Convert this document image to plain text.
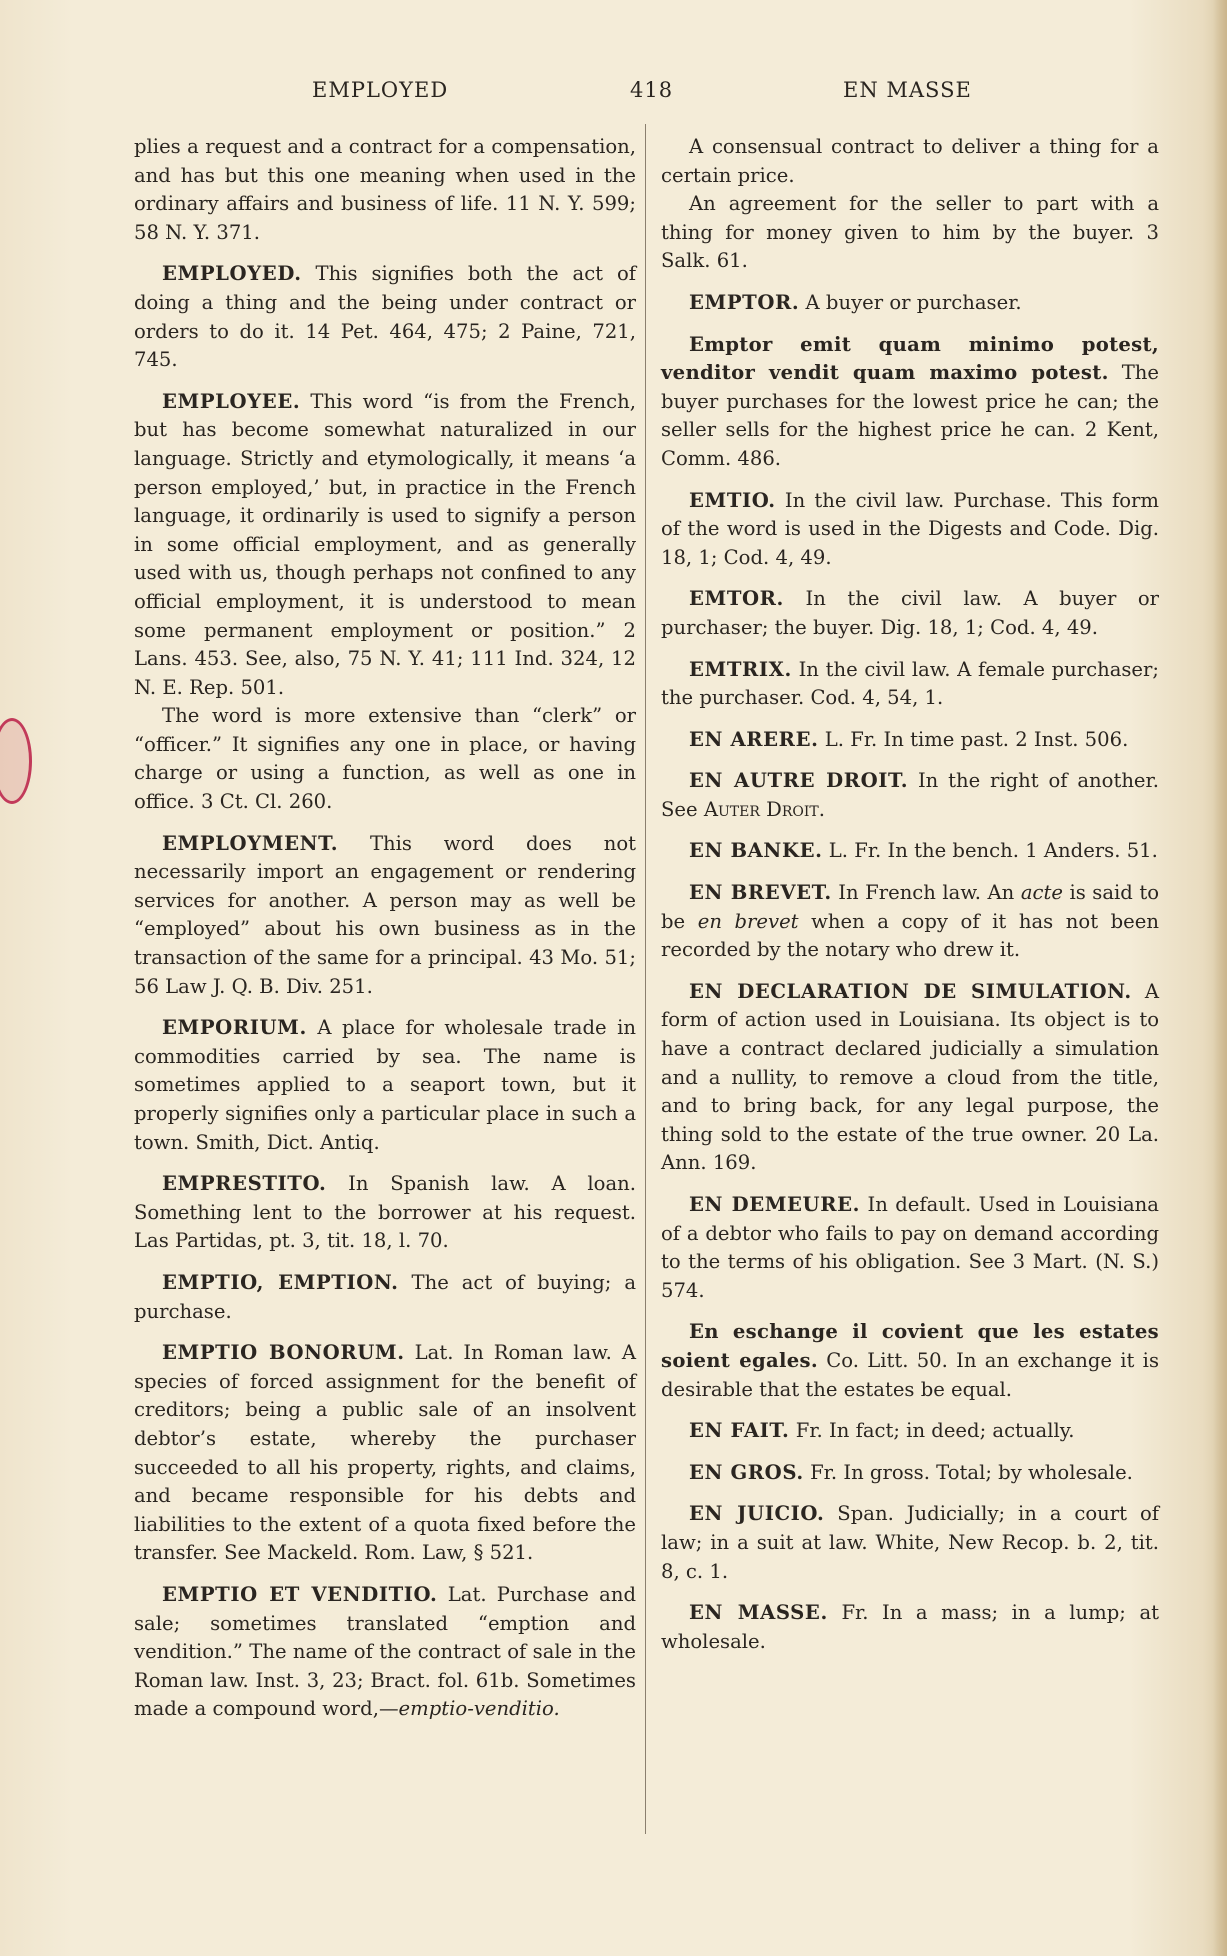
EMPLOYED	418	EN MASSE

plies a request and a contract for a compensation, and has but this one meaning when used in the ordinary affairs and business of life. 11 N. Y. 599; 58 N. Y. 371.

EMPLOYED. This signifies both the act of doing a thing and the being under contract or orders to do it. 14 Pet. 464, 475; 2 Paine, 721, 745.

EMPLOYEE. This word “is from the French, but has become somewhat naturalized in our language. Strictly and etymologically, it means ‘a person employed,’ but, in practice in the French language, it ordinarily is used to signify a person in some official employment, and as generally used with us, though perhaps not confined to any official employment, it is understood to mean some permanent employment or position.” 2 Lans. 453. See, also, 75 N. Y. 41; 111 Ind. 324, 12 N. E. Rep. 501.

The word is more extensive than “clerk” or “officer.” It signifies any one in place, or having charge or using a function, as well as one in office. 3 Ct. Cl. 260.

EMPLOYMENT. This word does not necessarily import an engagement or rendering services for another. A person may as well be “employed” about his own business as in the transaction of the same for a principal. 43 Mo. 51; 56 Law J. Q. B. Div. 251.

EMPORIUM. A place for wholesale trade in commodities carried by sea. The name is sometimes applied to a seaport town, but it properly signifies only a particular place in such a town. Smith, Dict. Antiq.

EMPRESTITO. In Spanish law. A loan. Something lent to the borrower at his request. Las Partidas, pt. 3, tit. 18, l. 70.

EMPTIO, EMPTION. The act of buying; a purchase.

EMPTIO BONORUM. Lat. In Roman law. A species of forced assignment for the benefit of creditors; being a public sale of an insolvent debtor’s estate, whereby the purchaser succeeded to all his property, rights, and claims, and became responsible for his debts and liabilities to the extent of a quota fixed before the transfer. See Mackeld. Rom. Law, § 521.

EMPTIO ET VENDITIO. Lat. Purchase and sale; sometimes translated “emption and vendition.” The name of the contract of sale in the Roman law. Inst. 3, 23; Bract. fol. 61b. Sometimes made a compound word,—emptio-venditio.

A consensual contract to deliver a thing for a certain price.

An agreement for the seller to part with a thing for money given to him by the buyer. 3 Salk. 61.

EMPTOR. A buyer or purchaser.

Emptor emit quam minimo potest, venditor vendit quam maximo potest. The buyer purchases for the lowest price he can; the seller sells for the highest price he can. 2 Kent, Comm. 486.

EMTIO. In the civil law. Purchase. This form of the word is used in the Digests and Code. Dig. 18, 1; Cod. 4, 49.

EMTOR. In the civil law. A buyer or purchaser; the buyer. Dig. 18, 1; Cod. 4, 49.

EMTRIX. In the civil law. A female purchaser; the purchaser. Cod. 4, 54, 1.

EN ARERE. L. Fr. In time past. 2 Inst. 506.

EN AUTRE DROIT. In the right of another. See Auter Droit.

EN BANKE. L. Fr. In the bench. 1 Anders. 51.

EN BREVET. In French law. An acte is said to be en brevet when a copy of it has not been recorded by the notary who drew it.

EN DECLARATION DE SIMULATION. A form of action used in Louisiana. Its object is to have a contract declared judicially a simulation and a nullity, to remove a cloud from the title, and to bring back, for any legal purpose, the thing sold to the estate of the true owner. 20 La. Ann. 169.

EN DEMEURE. In default. Used in Louisiana of a debtor who fails to pay on demand according to the terms of his obligation. See 3 Mart. (N. S.) 574.

En eschange il covient que les estates soient egales. Co. Litt. 50. In an exchange it is desirable that the estates be equal.

EN FAIT. Fr. In fact; in deed; actually.

EN GROS. Fr. In gross. Total; by wholesale.

EN JUICIO. Span. Judicially; in a court of law; in a suit at law. White, New Recop. b. 2, tit. 8, c. 1.

EN MASSE. Fr. In a mass; in a lump; at wholesale.
